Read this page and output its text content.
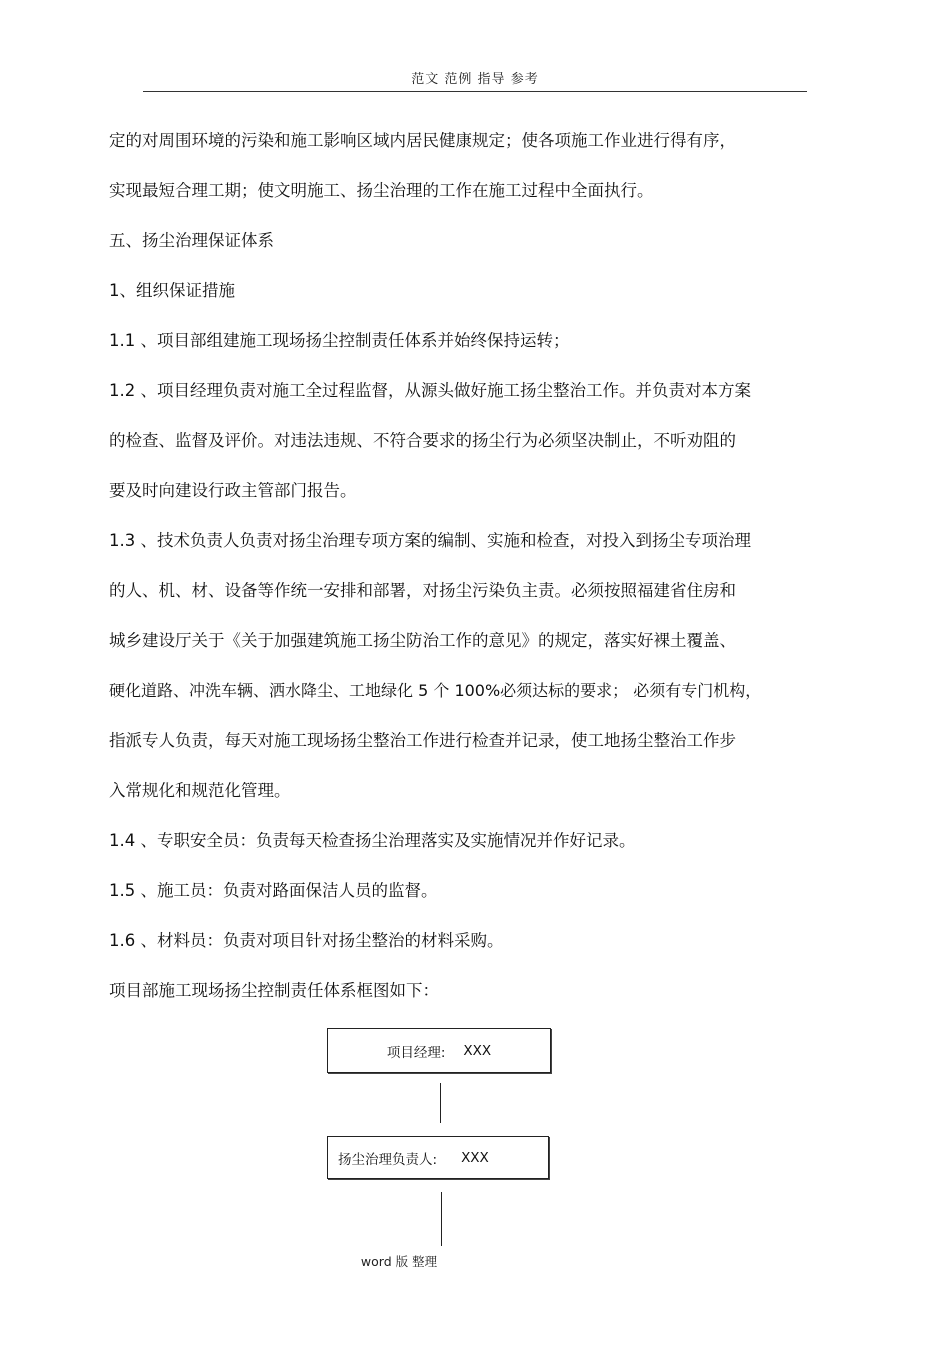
范文 范例 指导 参考
定的对周围环境的污染和施工影响区域内居民健康规定；使各项施工作业进行得有序，
实现最短合理工期；使文明施工、扬尘治理的工作在施工过程中全面执行。
五、扬尘治理保证体系
1、组织保证措施
1.1 、项目部组建施工现场扬尘控制责任体系并始终保持运转；
1.2 、项目经理负责对施工全过程监督，从源头做好施工扬尘整治工作。并负责对本方案
的检查、监督及评价。对违法违规、不符合要求的扬尘行为必须坚决制止，不听劝阻的
要及时向建设行政主管部门报告。
1.3 、技术负责人负责对扬尘治理专项方案的编制、实施和检查，对投入到扬尘专项治理
的人、机、材、设备等作统一安排和部署，对扬尘污染负主责。必须按照福建省住房和
城乡建设厅关于《关于加强建筑施工扬尘防治工作的意见》的规定，落实好裸土覆盖、
硬化道路、冲洗车辆、洒水降尘、工地绿化 5 个 100%必须达标的要求； 必须有专门机构，
指派专人负责，每天对施工现场扬尘整治工作进行检查并记录，使工地扬尘整治工作步
入常规化和规范化管理。
1.4 、专职安全员：负责每天检查扬尘治理落实及实施情况并作好记录。
1.5 、施工员：负责对路面保洁人员的监督。
1.6 、材料员：负责对项目针对扬尘整治的材料采购。
项目部施工现场扬尘控制责任体系框图如下：
项目经理: XXX
扬尘治理负责人: XXX
word 版 整理
